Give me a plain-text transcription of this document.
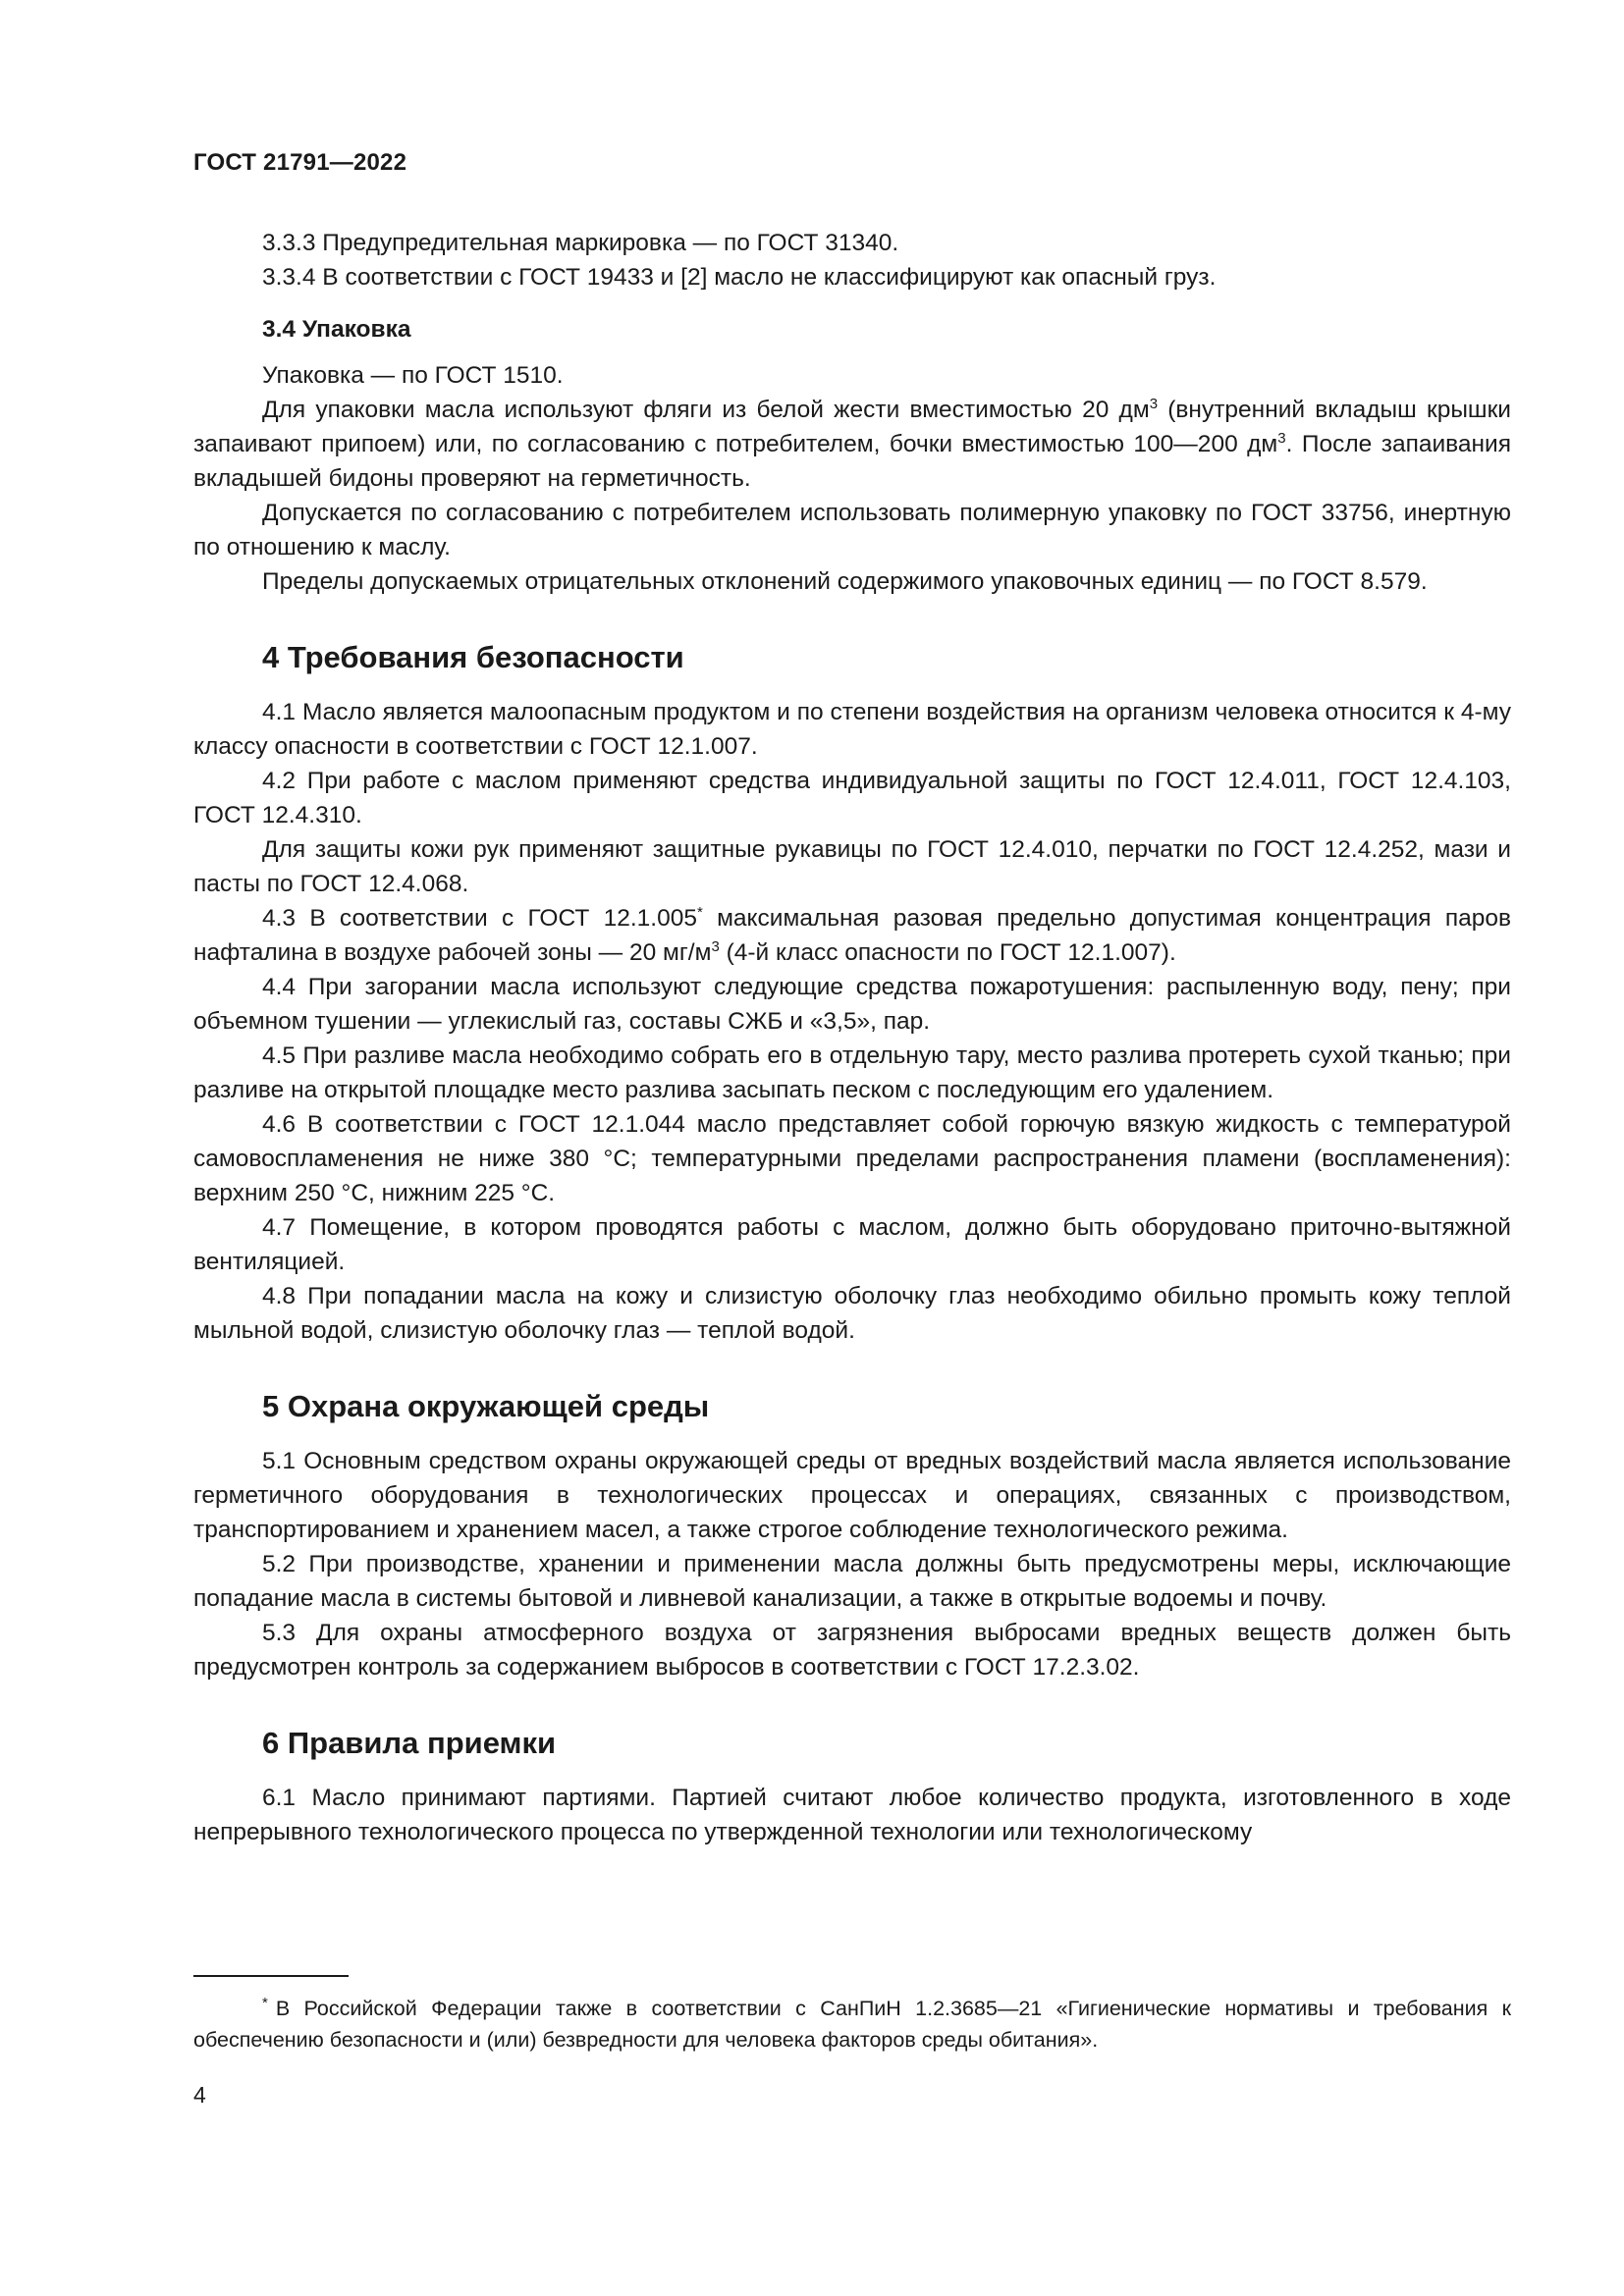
ГОСТ 21791—2022

3.3.3 Предупредительная маркировка — по ГОСТ 31340.

3.3.4 В соответствии с ГОСТ 19433 и [2] масло не классифицируют как опасный груз.

3.4 Упаковка

Упаковка — по ГОСТ 1510.

Для упаковки масла используют фляги из белой жести вместимостью 20 $дм^3$ (внутренний вкладыш крышки запаивают припоем) или, по согласованию с потребителем, бочки вместимостью 100—200 $дм^3$. После запаивания вкладышей бидоны проверяют на герметичность.

Допускается по согласованию с потребителем использовать полимерную упаковку по ГОСТ 33756, инертную по отношению к маслу.

Пределы допускаемых отрицательных отклонений содержимого упаковочных единиц — по ГОСТ 8.579.

4 Требования безопасности

4.1 Масло является малоопасным продуктом и по степени воздействия на организм человека относится к 4-му классу опасности в соответствии с ГОСТ 12.1.007.

4.2 При работе с маслом применяют средства индивидуальной защиты по ГОСТ 12.4.011, ГОСТ 12.4.103, ГОСТ 12.4.310.

Для защиты кожи рук применяют защитные рукавицы по ГОСТ 12.4.010, перчатки по ГОСТ 12.4.252, мази и пасты по ГОСТ 12.4.068.

4.3 В соответствии с ГОСТ 12.1.005* максимальная разовая предельно допустимая концентрация паров нафталина в воздухе рабочей зоны — 20 $мг/м^3$ (4-й класс опасности по ГОСТ 12.1.007).

4.4 При загорании масла используют следующие средства пожаротушения: распыленную воду, пену; при объемном тушении — углекислый газ, составы СЖБ и «3,5», пар.

4.5 При разливе масла необходимо собрать его в отдельную тару, место разлива протереть сухой тканью; при разливе на открытой площадке место разлива засыпать песком с последующим его удалением.

4.6 В соответствии с ГОСТ 12.1.044 масло представляет собой горючую вязкую жидкость с температурой самовоспламенения не ниже 380 °C; температурными пределами распространения пламени (воспламенения): верхним 250 °C, нижним 225 °C.

4.7 Помещение, в котором проводятся работы с маслом, должно быть оборудовано приточно-вытяжной вентиляцией.

4.8 При попадании масла на кожу и слизистую оболочку глаз необходимо обильно промыть кожу теплой мыльной водой, слизистую оболочку глаз — теплой водой.

5 Охрана окружающей среды

5.1 Основным средством охраны окружающей среды от вредных воздействий масла является использование герметичного оборудования в технологических процессах и операциях, связанных с производством, транспортированием и хранением масел, а также строгое соблюдение технологического режима.

5.2 При производстве, хранении и применении масла должны быть предусмотрены меры, исключающие попадание масла в системы бытовой и ливневой канализации, а также в открытые водоемы и почву.

5.3 Для охраны атмосферного воздуха от загрязнения выбросами вредных веществ должен быть предусмотрен контроль за содержанием выбросов в соответствии с ГОСТ 17.2.3.02.

6 Правила приемки

6.1 Масло принимают партиями. Партией считают любое количество продукта, изготовленного в ходе непрерывного технологического процесса по утвержденной технологии или технологическому

* В Российской Федерации также в соответствии с СанПиН 1.2.3685—21 «Гигиенические нормативы и требования к обеспечению безопасности и (или) безвредности для человека факторов среды обитания».
4
